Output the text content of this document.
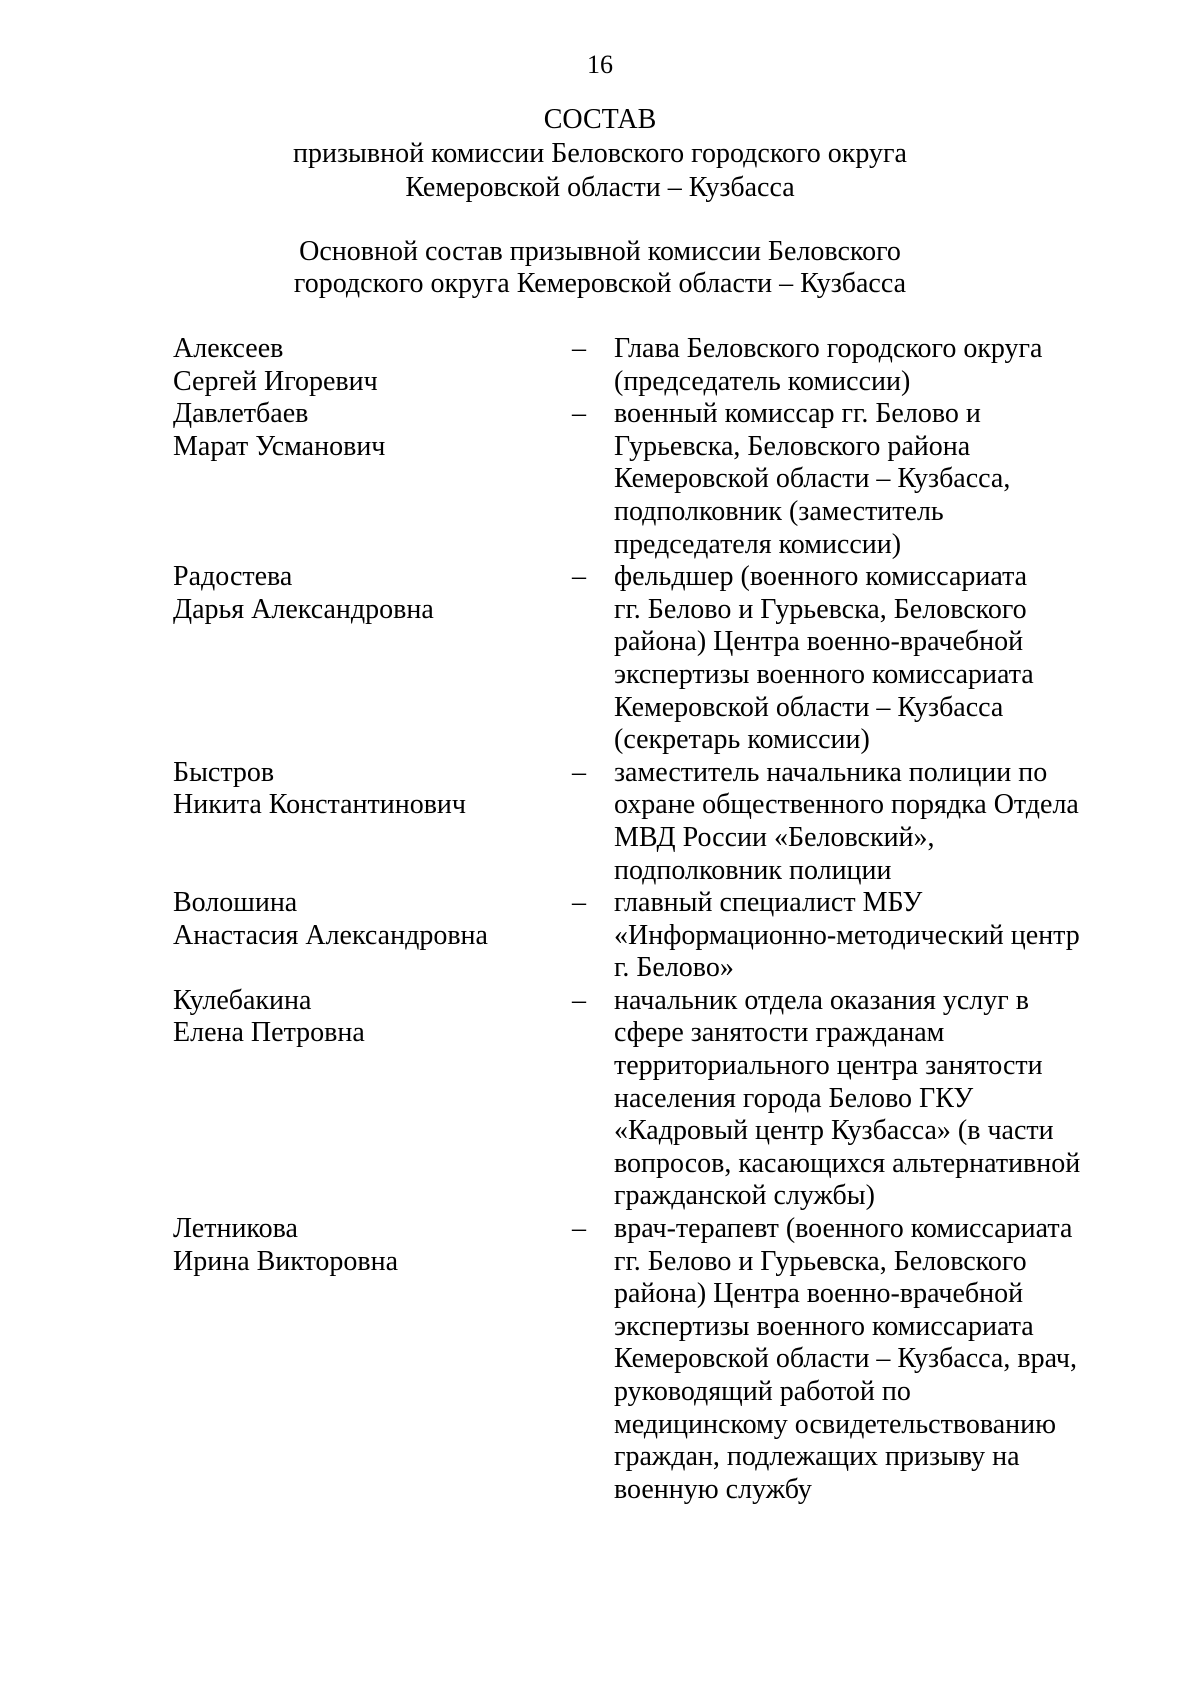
16
СОСТАВ
призывной комиссии Беловского городского округа
Кемеровской области – Кузбасса
Основной состав призывной комиссии Беловского
городского округа Кемеровской области – Кузбасса
Алексеев
Сергей Игоревич
– Глава Беловского городского округа
(председатель комиссии)
Давлетбаев
Марат Усманович
– военный комиссар гг. Белово и
Гурьевска, Беловского района
Кемеровской области – Кузбасса,
подполковник (заместитель
председателя комиссии)
Радостева
Дарья Александровна
– фельдшер (военного комиссариата
гг. Белово и Гурьевска, Беловского
района) Центра военно-врачебной
экспертизы военного комиссариата
Кемеровской области – Кузбасса
(секретарь комиссии)
Быстров
Никита Константинович
– заместитель начальника полиции по
охране общественного порядка Отдела
МВД России «Беловский»,
подполковник полиции
Волошина
Анастасия Александровна
– главный специалист МБУ
«Информационно-методический центр
г. Белово»
Кулебакина
Елена Петровна
– начальник отдела оказания услуг в
сфере занятости гражданам
территориального центра занятости
населения города Белово ГКУ
«Кадровый центр Кузбасса» (в части
вопросов, касающихся альтернативной
гражданской службы)
Летникова
Ирина Викторовна
– врач-терапевт (военного комиссариата
гг. Белово и Гурьевска, Беловского
района) Центра военно-врачебной
экспертизы военного комиссариата
Кемеровской области – Кузбасса, врач,
руководящий работой по
медицинскому освидетельствованию
граждан, подлежащих призыву на
военную службу
